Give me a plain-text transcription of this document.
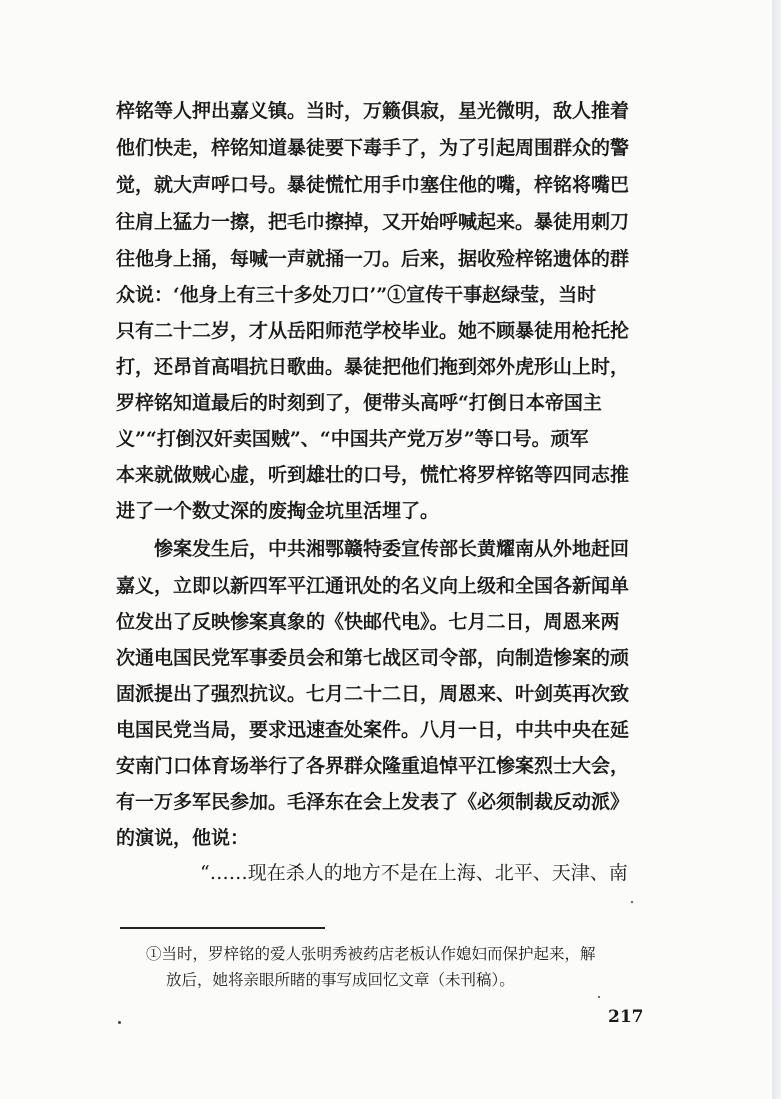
梓铭等人押出嘉义镇。当时，万籁俱寂，星光微明，敌人推着
他们快走，梓铭知道暴徒要下毒手了，为了引起周围群众的警
觉，就大声呼口号。暴徒慌忙用手巾塞住他的嘴，梓铭将嘴巴
往肩上猛力一擦，把毛巾擦掉，又开始呼喊起来。暴徒用刺刀
往他身上捅，每喊一声就捅一刀。后来，据收殓梓铭遗体的群
众说：‘他身上有三十多处刀口’”①宣传干事赵绿莹，当时
只有二十二岁，才从岳阳师范学校毕业。她不顾暴徒用枪托抡
打，还昂首高唱抗日歌曲。暴徒把他们拖到郊外虎形山上时，
罗梓铭知道最后的时刻到了，便带头高呼“打倒日本帝国主
义”“打倒汉奸卖国贼”、“中国共产党万岁”等口号。顽军
本来就做贼心虚，听到雄壮的口号，慌忙将罗梓铭等四同志推
进了一个数丈深的废掏金坑里活埋了。
惨案发生后，中共湘鄂赣特委宣传部长黄耀南从外地赶回
嘉义，立即以新四军平江通讯处的名义向上级和全国各新闻单
位发出了反映惨案真象的《快邮代电》。七月二日，周恩来两
次通电国民党军事委员会和第七战区司令部，向制造惨案的顽
固派提出了强烈抗议。七月二十二日，周恩来、叶剑英再次致
电国民党当局，要求迅速查处案件。八月一日，中共中央在延
安南门口体育场举行了各界群众隆重追悼平江惨案烈士大会，
有一万多军民参加。毛泽东在会上发表了《必须制裁反动派》
的演说，他说：
“……现在杀人的地方不是在上海、北平、天津、南
①当时，罗梓铭的爱人张明秀被药店老板认作媳妇而保护起来，解
放后，她将亲眼所睹的事写成回忆文章（未刊稿）。
217
